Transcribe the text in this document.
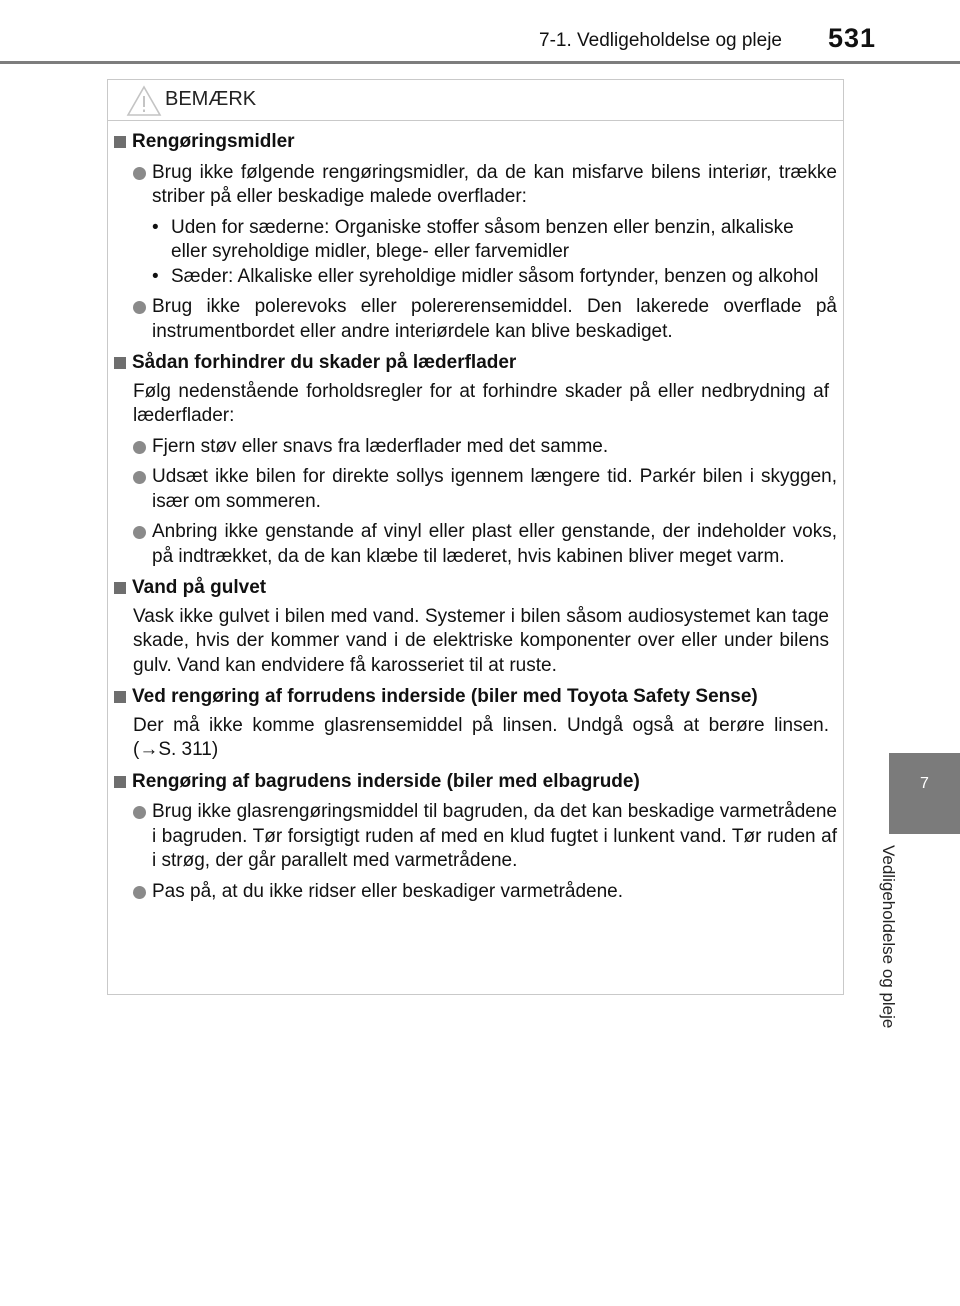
7-1. Vedligeholdelse og pleje 531
7
Vedligeholdelse og pleje
BEMÆRK
Rengøringsmidler
Brug ikke følgende rengøringsmidler, da de kan misfarve bilens interiør, trække striber på eller beskadige malede overflader:
• Uden for sæderne: Organiske stoffer såsom benzen eller benzin, alkaliske eller syreholdige midler, blege- eller farvemidler
• Sæder: Alkaliske eller syreholdige midler såsom fortynder, benzen og alkohol
Brug ikke polerevoks eller polererensemiddel. Den lakerede overflade på instrumentbordet eller andre interiørdele kan blive beskadiget.
Sådan forhindrer du skader på læderflader
Følg nedenstående forholdsregler for at forhindre skader på eller nedbrydning af læderflader:
Fjern støv eller snavs fra læderflader med det samme.
Udsæt ikke bilen for direkte sollys igennem længere tid. Parkér bilen i skyggen, især om sommeren.
Anbring ikke genstande af vinyl eller plast eller genstande, der indeholder voks, på indtrækket, da de kan klæbe til læderet, hvis kabinen bliver meget varm.
Vand på gulvet
Vask ikke gulvet i bilen med vand. Systemer i bilen såsom audiosystemet kan tage skade, hvis der kommer vand i de elektriske komponenter over eller under bilens gulv. Vand kan endvidere få karosseriet til at ruste.
Ved rengøring af forrudens inderside (biler med Toyota Safety Sense)
Der må ikke komme glasrensemiddel på linsen. Undgå også at berøre linsen. (→S. 311)
Rengøring af bagrudens inderside (biler med elbagrude)
Brug ikke glasrengøringsmiddel til bagruden, da det kan beskadige varmetrådene i bagruden. Tør forsigtigt ruden af med en klud fugtet i lunkent vand. Tør ruden af i strøg, der går parallelt med varmetrådene.
Pas på, at du ikke ridser eller beskadiger varmetrådene.
